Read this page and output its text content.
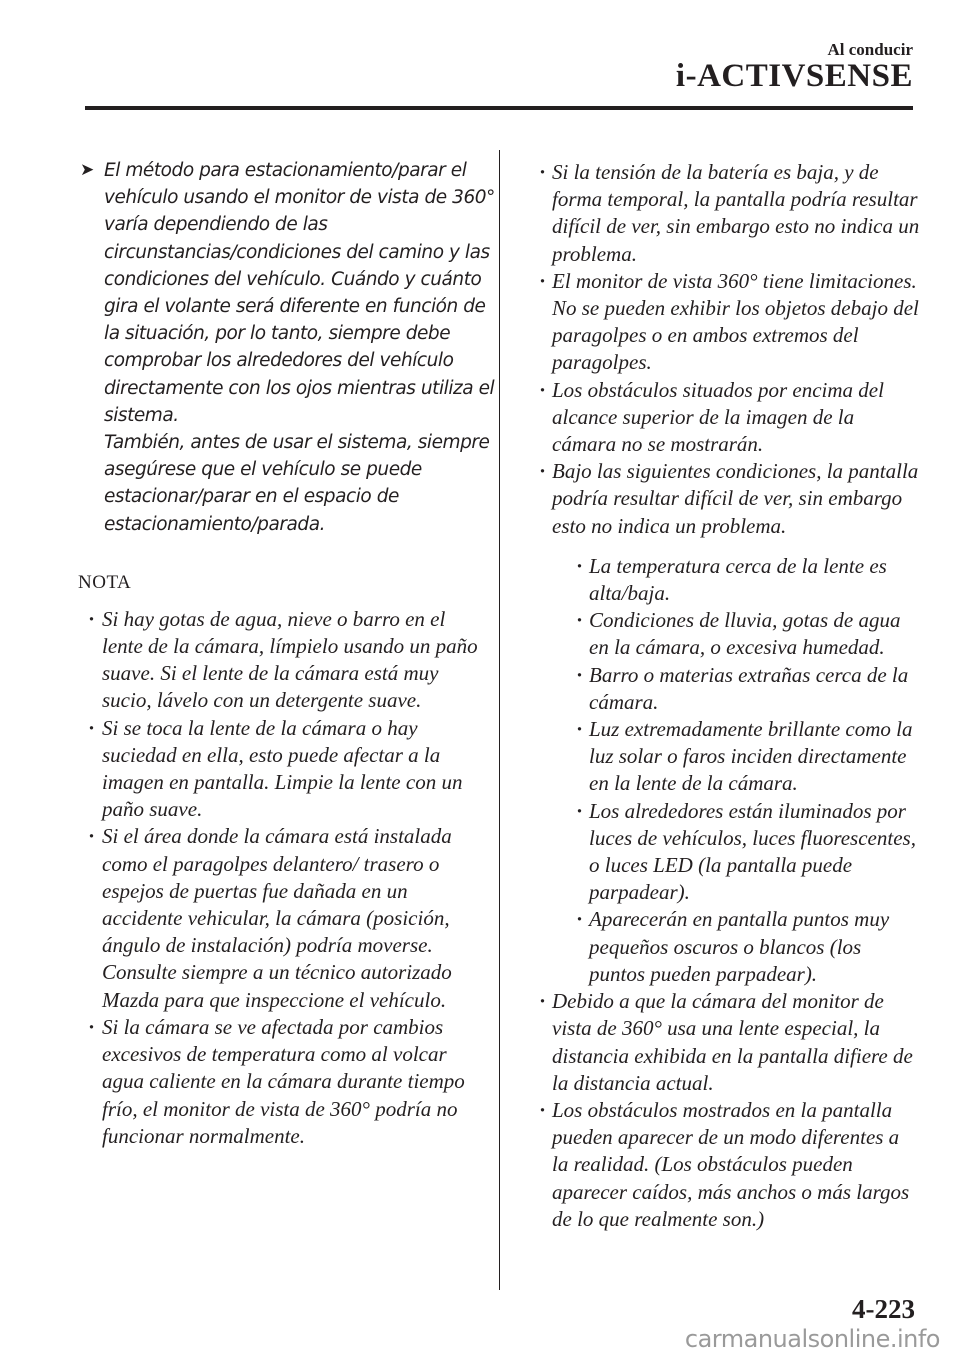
Al conducir
i-ACTIVSENSE
➤ El método para estacionamiento/parar el vehículo usando el monitor de vista de 360° varía dependiendo de las circunstancias/condiciones del camino y las condiciones del vehículo. Cuándo y cuánto gira el volante será diferente en función de la situación, por lo tanto, siempre debe comprobar los alrededores del vehículo directamente con los ojos mientras utiliza el sistema.
También, antes de usar el sistema, siempre asegúrese que el vehículo se puede estacionar/parar en el espacio de estacionamiento/parada.
NOTA
· Si hay gotas de agua, nieve o barro en el lente de la cámara, límpielo usando un paño suave. Si el lente de la cámara está muy sucio, lávelo con un detergente suave.
· Si se toca la lente de la cámara o hay suciedad en ella, esto puede afectar a la imagen en pantalla. Limpie la lente con un paño suave.
· Si el área donde la cámara está instalada como el paragolpes delantero/ trasero o espejos de puertas fue dañada en un accidente vehicular, la cámara (posición, ángulo de instalación) podría moverse. Consulte siempre a un técnico autorizado Mazda para que inspeccione el vehículo.
· Si la cámara se ve afectada por cambios excesivos de temperatura como al volcar agua caliente en la cámara durante tiempo frío, el monitor de vista de 360° podría no funcionar normalmente.
· Si la tensión de la batería es baja, y de forma temporal, la pantalla podría resultar difícil de ver, sin embargo esto no indica un problema.
· El monitor de vista 360° tiene limitaciones. No se pueden exhibir los objetos debajo del paragolpes o en ambos extremos del paragolpes.
· Los obstáculos situados por encima del alcance superior de la imagen de la cámara no se mostrarán.
· Bajo las siguientes condiciones, la pantalla podría resultar difícil de ver, sin embargo esto no indica un problema.
· La temperatura cerca de la lente es alta/baja.
· Condiciones de lluvia, gotas de agua en la cámara, o excesiva humedad.
· Barro o materias extrañas cerca de la cámara.
· Luz extremadamente brillante como la luz solar o faros inciden directamente en la lente de la cámara.
· Los alrededores están iluminados por luces de vehículos, luces fluorescentes, o luces LED (la pantalla puede parpadear).
· Aparecerán en pantalla puntos muy pequeños oscuros o blancos (los puntos pueden parpadear).
· Debido a que la cámara del monitor de vista de 360° usa una lente especial, la distancia exhibida en la pantalla difiere de la distancia actual.
· Los obstáculos mostrados en la pantalla pueden aparecer de un modo diferentes a la realidad. (Los obstáculos pueden aparecer caídos, más anchos o más largos de lo que realmente son.)
4-223
carmanualsonline.info
